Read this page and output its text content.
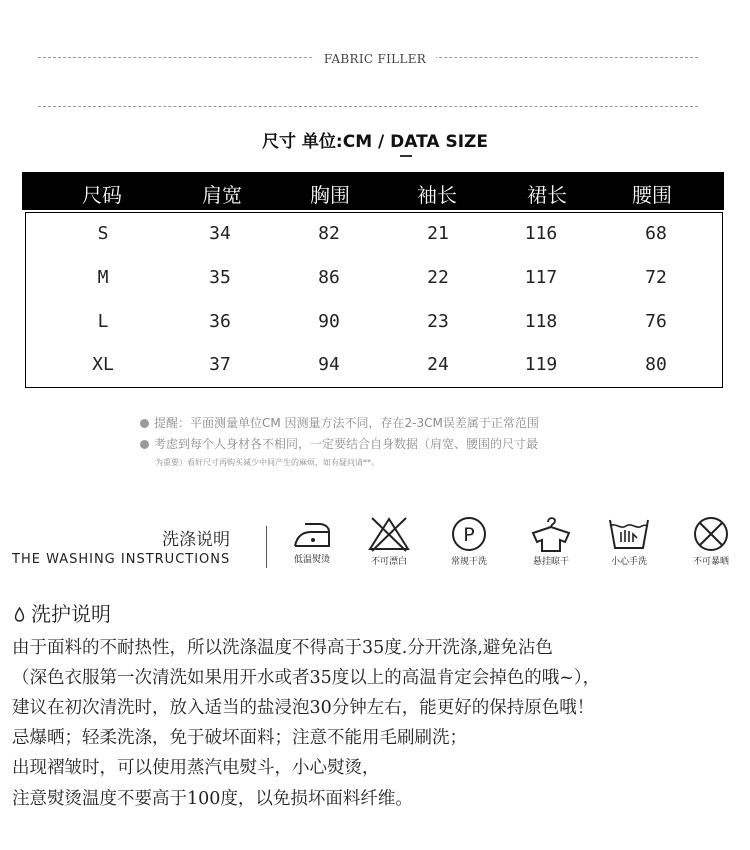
FABRIC FILLER
尺寸 单位:CM / DATA SIZE
尺码	肩宽	胸围	袖长	裙长	腰围
S	34	82	21	116	68
M	35	86	22	117	72
L	36	90	23	118	76
XL	37	94	24	119	80
提醒：平面测量单位CM 因测量方法不同，存在2-3CM误差属于正常范围
考虑到每个人身材各不相同，一定要结合自身数据（肩宽、腰围的尺寸最
为重要）看好尺寸再购买减少中间产生的麻烦，如有疑问请**。
洗涤说明
THE WASHING INSTRUCTIONS	低温熨烫	不可漂白
P
常规干洗	悬挂晾干	小心手洗	不可暴晒
洗护说明
由于面料的不耐热性，所以洗涤温度不得高于35度.分开洗涤,避免沾色
（深色衣服第一次清洗如果用开水或者35度以上的高温肯定会掉色的哦~），
建议在初次清洗时，放入适当的盐浸泡30分钟左右，能更好的保持原色哦！
忌爆晒；轻柔洗涤，免于破坏面料；注意不能用毛刷刷洗；
出现褶皱时，可以使用蒸汽电熨斗，小心熨烫，
注意熨烫温度不要高于100度，以免损坏面料纤维。
